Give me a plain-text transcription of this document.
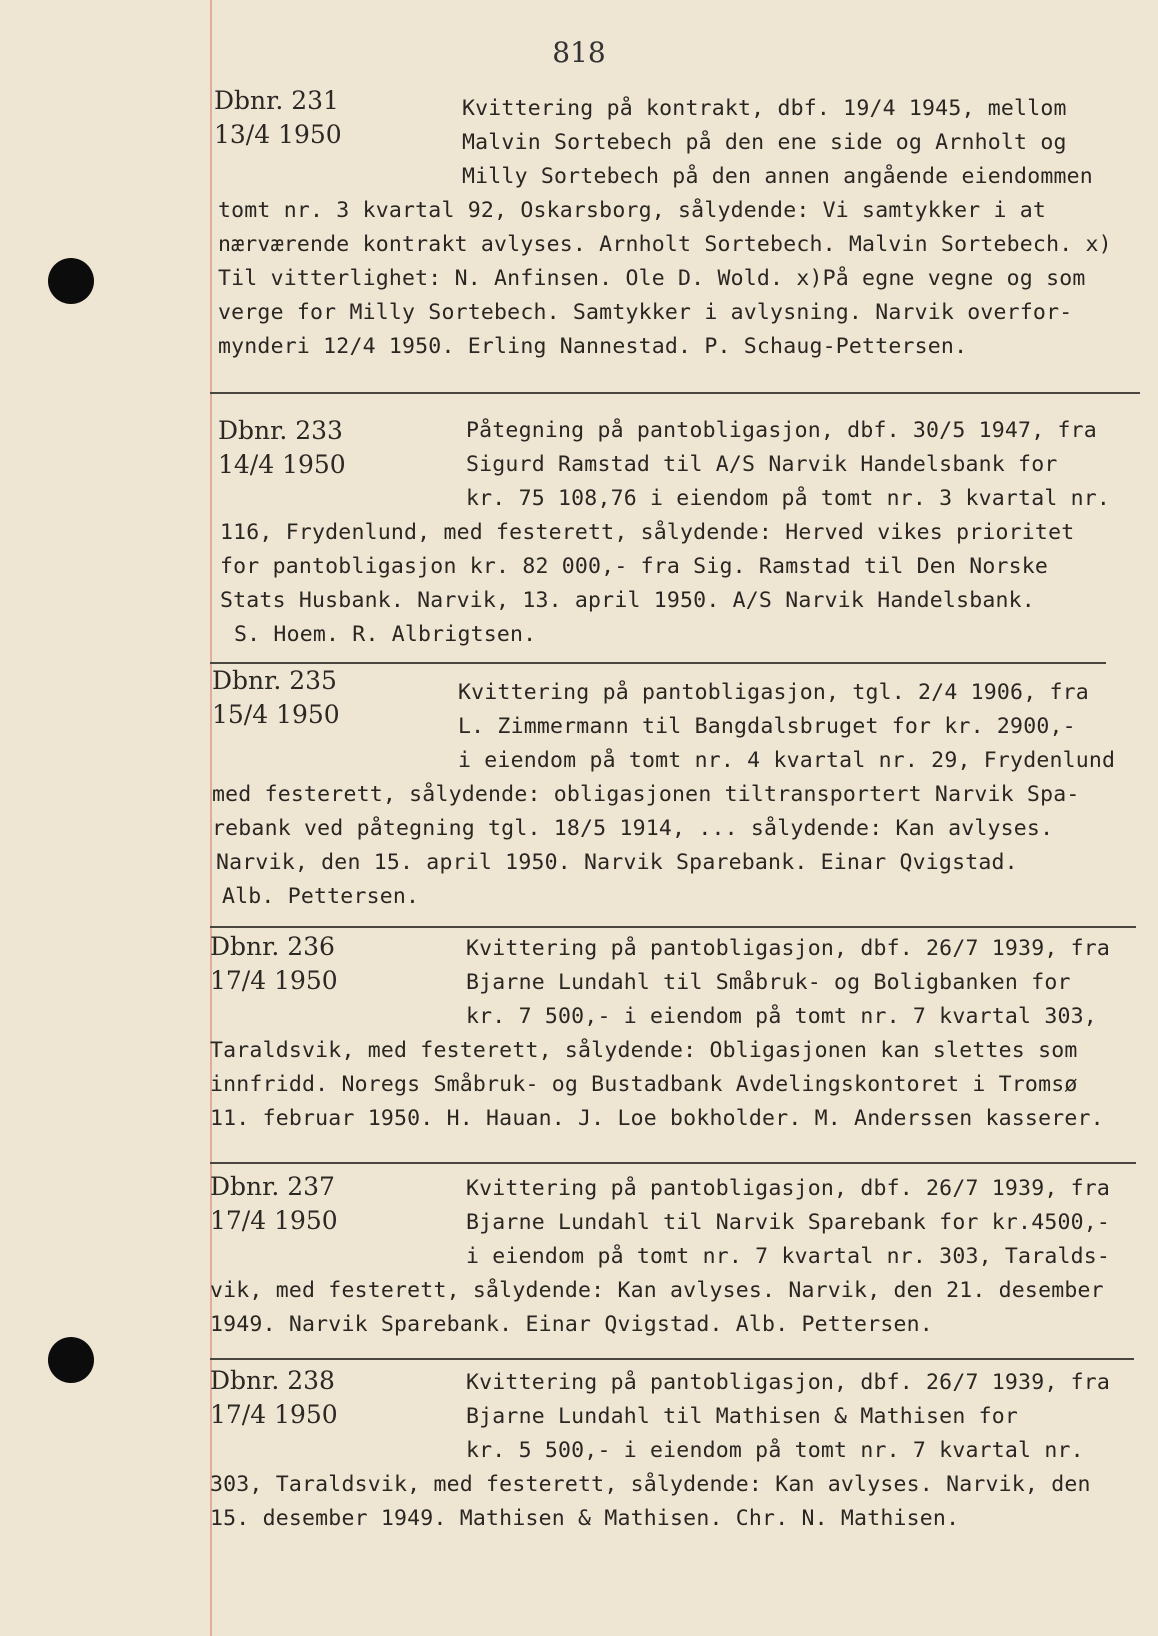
818
Dbnr. 231
13/4 1950
Kvittering på kontrakt, dbf. 19/4 1945, mellom
Malvin Sortebech på den ene side og Arnholt og
Milly Sortebech på den annen angående eiendommen
tomt nr. 3 kvartal 92, Oskarsborg, sålydende: Vi samtykker i at
nærværende kontrakt avlyses. Arnholt Sortebech. Malvin Sortebech. x)
Til vitterlighet: N. Anfinsen. Ole D. Wold. x)På egne vegne og som
verge for Milly Sortebech. Samtykker i avlysning. Narvik overfor-
mynderi 12/4 1950. Erling Nannestad. P. Schaug-Pettersen.
Dbnr. 233
14/4 1950
Påtegning på pantobligasjon, dbf. 30/5 1947, fra
Sigurd Ramstad til A/S Narvik Handelsbank for
kr. 75 108,76 i eiendom på tomt nr. 3 kvartal nr.
116, Frydenlund, med festerett, sålydende: Herved vikes prioritet
for pantobligasjon kr. 82 000,- fra Sig. Ramstad til Den Norske
Stats Husbank. Narvik, 13. april 1950. A/S Narvik Handelsbank.
S. Hoem. R. Albrigtsen.
Dbnr. 235
15/4 1950
Kvittering på pantobligasjon, tgl. 2/4 1906, fra
L. Zimmermann til Bangdalsbruget for kr. 2900,-
i eiendom på tomt nr. 4 kvartal nr. 29, Frydenlund
med festerett, sålydende: obligasjonen tiltransportert Narvik Spa-
rebank ved påtegning tgl. 18/5 1914, ... sålydende: Kan avlyses.
Narvik, den 15. april 1950. Narvik Sparebank. Einar Qvigstad.
Alb. Pettersen.
Dbnr. 236
17/4 1950
Kvittering på pantobligasjon, dbf. 26/7 1939, fra
Bjarne Lundahl til Småbruk- og Boligbanken for
kr. 7 500,- i eiendom på tomt nr. 7 kvartal 303,
Taraldsvik, med festerett, sålydende: Obligasjonen kan slettes som
innfridd. Noregs Småbruk- og Bustadbank Avdelingskontoret i Tromsø
11. februar 1950. H. Hauan. J. Loe bokholder. M. Anderssen kasserer.
Dbnr. 237
17/4 1950
Kvittering på pantobligasjon, dbf. 26/7 1939, fra
Bjarne Lundahl til Narvik Sparebank for kr.4500,-
i eiendom på tomt nr. 7 kvartal nr. 303, Taralds-
vik, med festerett, sålydende: Kan avlyses. Narvik, den 21. desember
1949. Narvik Sparebank. Einar Qvigstad. Alb. Pettersen.
Dbnr. 238
17/4 1950
Kvittering på pantobligasjon, dbf. 26/7 1939, fra
Bjarne Lundahl til Mathisen & Mathisen for
kr. 5 500,- i eiendom på tomt nr. 7 kvartal nr.
303, Taraldsvik, med festerett, sålydende: Kan avlyses. Narvik, den
15. desember 1949. Mathisen & Mathisen. Chr. N. Mathisen.
